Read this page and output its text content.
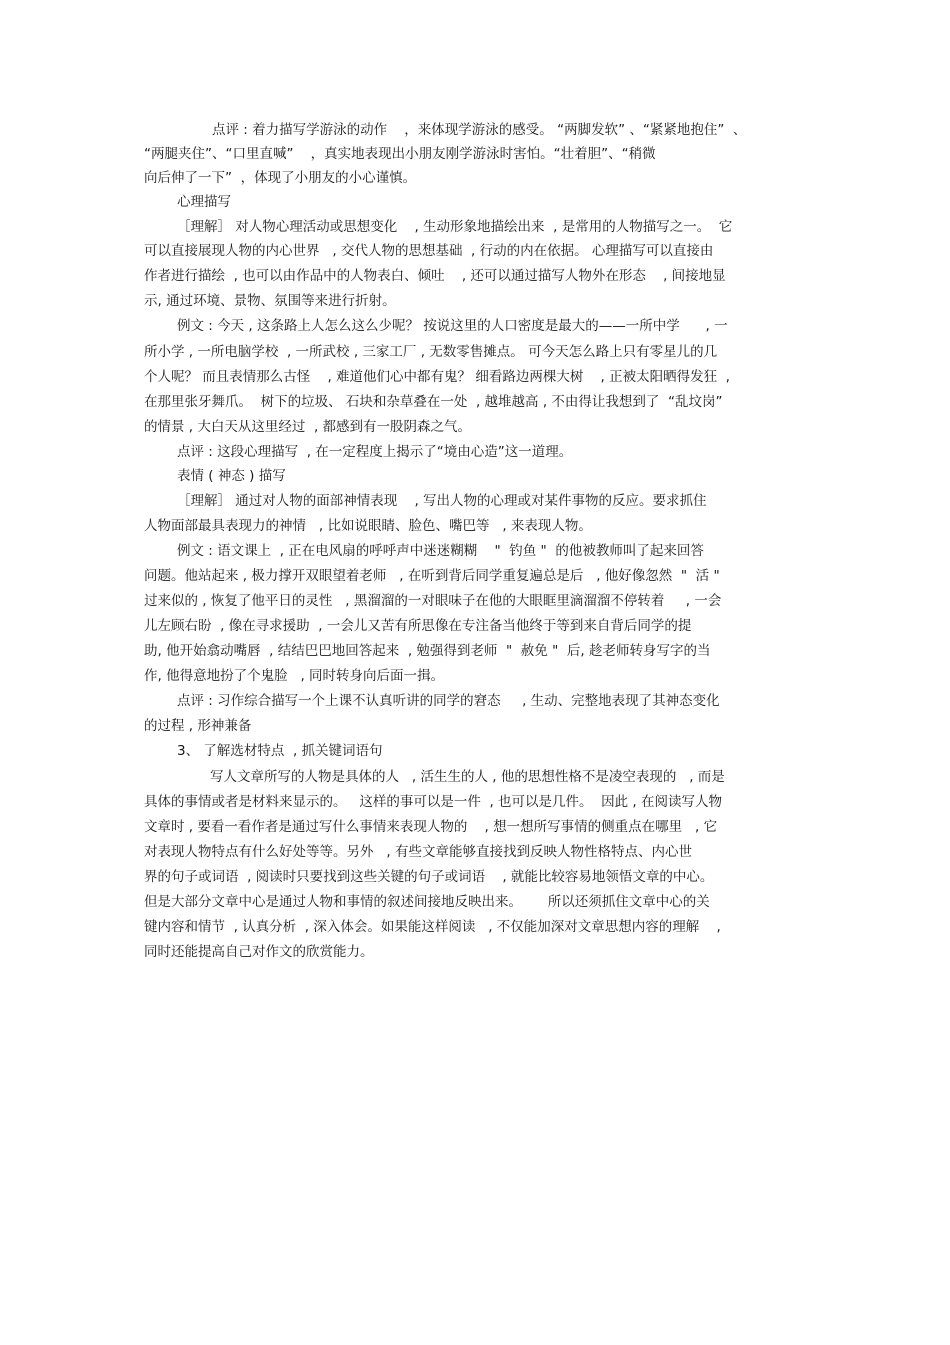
点评 : 着力描写学游泳的动作    ，来体现学游泳的感受。 “两脚发软” 、“紧紧地抱住”  、
“两腿夹住”、“口里直喊”    ，真实地表现出小朋友刚学游泳时害怕。“壮着胆”、“稍微
向后伸了一下”  ，体现了小朋友的小心谨慎。
心理描写
［理解］ 对人物心理活动或思想变化    , 生动形象地描绘出来  , 是常用的人物描写之一。  它
可以直接展现人物的内心世界   , 交代人物的思想基础  , 行动的内在依据。 心理描写可以直接由
作者进行描绘  , 也可以由作品中的人物表白、倾吐    , 还可以通过描写人物外在形态    , 间接地显
示, 通过环境、景物、氛围等来进行折射。
例文 : 今天 , 这条路上人怎么这么少呢？ 按说这里的人口密度是最大的——一所中学      , 一
所小学 , 一所电脑学校  , 一所武校 , 三家工厂 , 无数零售摊点。 可今天怎么路上只有零星儿的几
个人呢？ 而且表情那么古怪    , 难道他们心中都有鬼？ 细看路边两棵大树    , 正被太阳晒得发狂  ,
在那里张牙舞爪。  树下的垃圾、 石块和杂草叠在一处  , 越堆越高 , 不由得让我想到了  “乱坟岗”
的情景 , 大白天从这里经过  , 都感到有一股阴森之气。
点评 : 这段心理描写  , 在一定程度上揭示了“境由心造”这一道理。
表情 ( 神态 ) 描写
［理解］ 通过对人物的面部神情表现    , 写出人物的心理或对某件事物的反应。要求抓住
人物面部最具表现力的神情   , 比如说眼睛、脸色、嘴巴等   , 来表现人物。
例文 : 语文课上  , 正在电风扇的呼呼声中迷迷糊糊    "  钓鱼 "  的他被教师叫了起来回答
问题。他站起来 , 极力撑开双眼望着老师   , 在听到背后同学重复遍总是后   , 他好像忽然  "  活 "
过来似的 , 恢复了他平日的灵性   , 黑溜溜的一对眼味子在他的大眼眶里滴溜溜不停转着     , 一会
儿左顾右盼  , 像在寻求援助  , 一会儿又苦有所思像在专注备当他终于等到来自背后同学的提
助, 他开始翕动嘴唇  , 结结巴巴地回答起来  , 勉强得到老师  "  赦免 "  后, 趁老师转身写字的当
作, 他得意地扮了个鬼脸   , 同时转身向后面一揖。
点评 : 习作综合描写一个上课不认真听讲的同学的窘态     , 生动、完整地表现了其神态变化
的过程 , 形神兼备
3、 了解选材特点  , 抓关键词语句
写人文章所写的人物是具体的人   , 活生生的人 , 他的思想性格不是凌空表现的   , 而是
具体的事情或者是材料来显示的。   这样的事可以是一件  , 也可以是几件。  因此 , 在阅读写人物
文章时 , 要看一看作者是通过写什么事情来表现人物的    , 想一想所写事情的侧重点在哪里   , 它
对表现人物特点有什么好处等等。另外   , 有些文章能够直接找到反映人物性格特点、内心世
界的句子或词语  , 阅读时只要找到这些关键的句子或词语    , 就能比较容易地领悟文章的中心。
但是大部分文章中心是通过人物和事情的叙述间接地反映出来。      所以还须抓住文章中心的关
键内容和情节  , 认真分析  , 深入体会。如果能这样阅读   , 不仅能加深对文章思想内容的理解    ,
同时还能提高自己对作文的欣赏能力。
